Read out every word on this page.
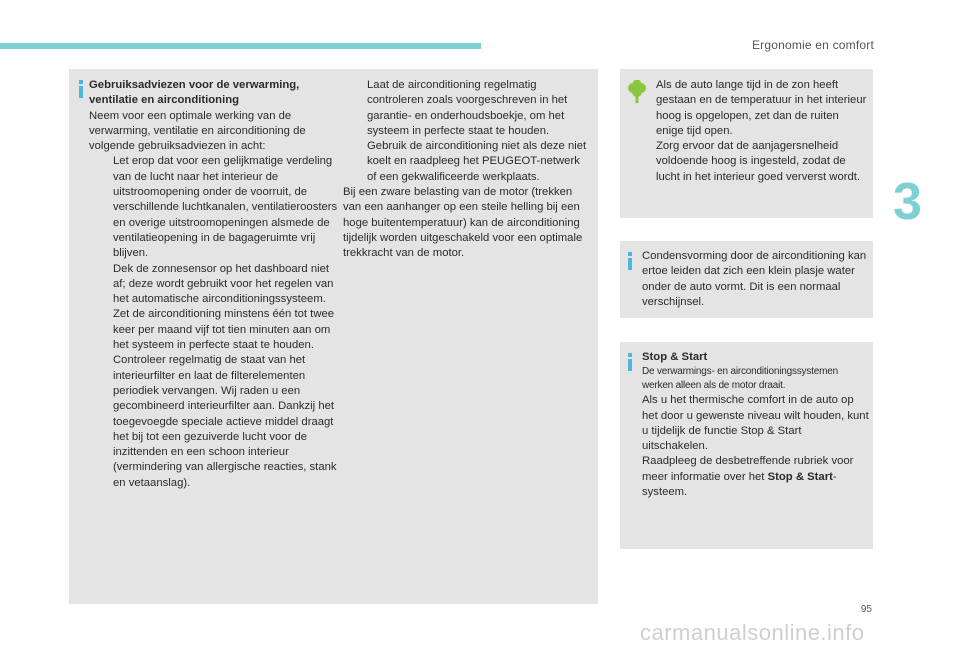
Ergonomie en comfort
3
95

Gebruiksadviezen voor de verwarming,

ventilatie en airconditioning

Neem voor een optimale werking van de verwarming, ventilatie en airconditioning de volgende gebruiksadviezen in acht:

Let erop dat voor een gelijkmatige verdeling van de lucht naar het interieur de uitstroomopening onder de voorruit, de verschillende luchtkanalen, ventilatieroosters en overige uitstroomopeningen alsmede de ventilatieopening in de bagageruimte vrij blijven.
Dek de zonnesensor op het dashboard niet af; deze wordt gebruikt voor het regelen van het automatische airconditioningssysteem.
Zet de airconditioning minstens één tot twee keer per maand vijf tot tien minuten aan om het systeem in perfecte staat te houden.
Controleer regelmatig de staat van het interieurfilter en laat de filterelementen periodiek vervangen. Wij raden u een gecombineerd interieurfilter aan. Dankzij het toegevoegde speciale actieve middel draagt het bij tot een gezuiverde lucht voor de inzittenden en een schoon interieur (vermindering van allergische reacties, stank en vetaanslag).
Laat de airconditioning regelmatig controleren zoals voorgeschreven in het garantie- en onderhoudsboekje, om het systeem in perfecte staat te houden.
Gebruik de airconditioning niet als deze niet koelt en raadpleeg het PEUGEOT-netwerk of een gekwalificeerde werkplaats.

Bij een zware belasting van de motor (trekken van een aanhanger op een steile helling bij een hoge buitentemperatuur) kan de airconditioning tijdelijk worden uitgeschakeld voor een optimale trekkracht van de motor.

Als de auto lange tijd in de zon heeft gestaan en de temperatuur in het interieur hoog is opgelopen, zet dan de ruiten enige tijd open.

Zorg ervoor dat de aanjagersnelheid voldoende hoog is ingesteld, zodat de lucht in het interieur goed ververst wordt.

Condensvorming door de airconditioning kan ertoe leiden dat zich een klein plasje water onder de auto vormt. Dit is een normaal verschijnsel.

Stop & Start

De verwarmings- en airconditioningssystemen werken alleen als de motor draait.

Als u het thermische comfort in de auto op het door u gewenste niveau wilt houden, kunt u tijdelijk de functie Stop & Start uitschakelen.

Raadpleeg de desbetreffende rubriek voor meer informatie over het Stop & Start-systeem.

carmanualsonline.info
